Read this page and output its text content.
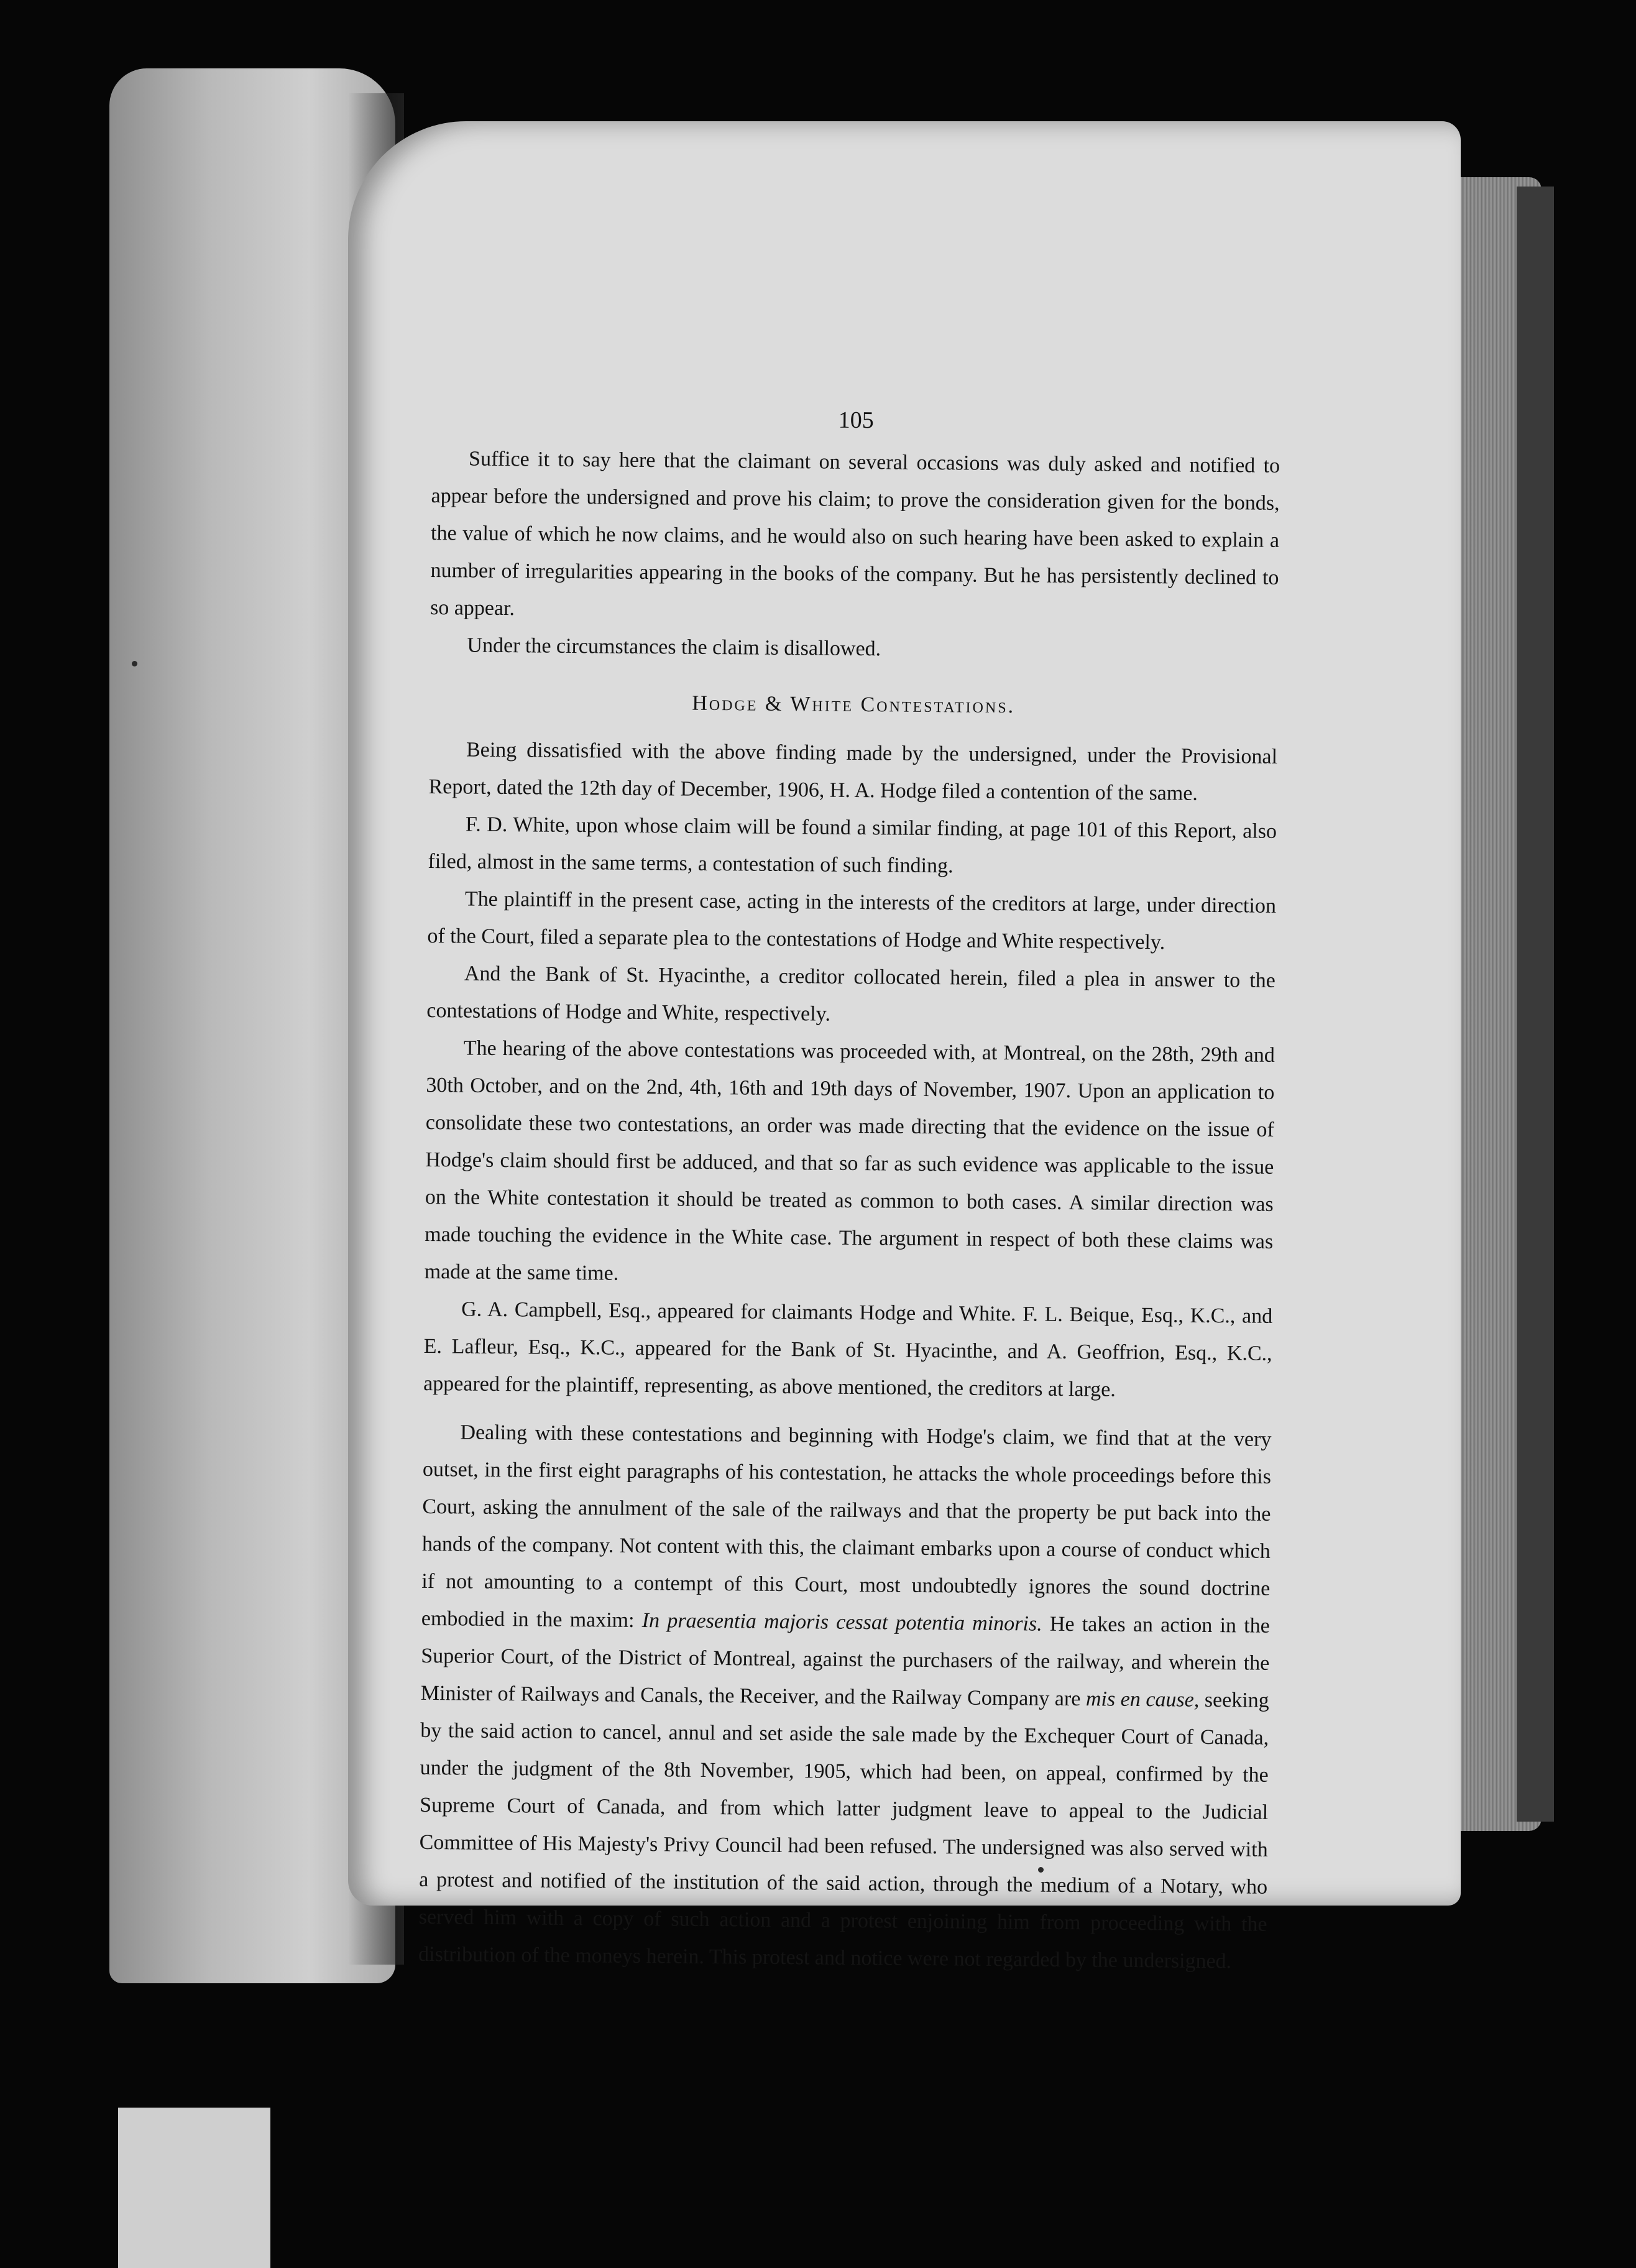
105

Suffice it to say here that the claimant on several occasions was duly asked and notified to appear before the undersigned and prove his claim; to prove the consideration given for the bonds, the value of which he now claims, and he would also on such hearing have been asked to explain a number of irregularities appearing in the books of the company. But he has persistently declined to so appear.

Under the circumstances the claim is disallowed.

Hodge & White Contestations.

Being dissatisfied with the above finding made by the undersigned, under the Provisional Report, dated the 12th day of December, 1906, H. A. Hodge filed a contention of the same.

F. D. White, upon whose claim will be found a similar finding, at page 101 of this Report, also filed, almost in the same terms, a contestation of such finding.

The plaintiff in the present case, acting in the interests of the creditors at large, under direction of the Court, filed a separate plea to the contestations of Hodge and White respectively.

And the Bank of St. Hyacinthe, a creditor collocated herein, filed a plea in answer to the contestations of Hodge and White, respectively.

The hearing of the above contestations was proceeded with, at Montreal, on the 28th, 29th and 30th October, and on the 2nd, 4th, 16th and 19th days of November, 1907. Upon an application to consolidate these two contestations, an order was made directing that the evidence on the issue of Hodge's claim should first be adduced, and that so far as such evidence was applicable to the issue on the White contestation it should be treated as common to both cases. A similar direction was made touching the evidence in the White case. The argument in respect of both these claims was made at the same time.

G. A. Campbell, Esq., appeared for claimants Hodge and White. F. L. Beique, Esq., K.C., and E. Lafleur, Esq., K.C., appeared for the Bank of St. Hyacinthe, and A. Geoffrion, Esq., K.C., appeared for the plaintiff, representing, as above mentioned, the creditors at large.

Dealing with these contestations and beginning with Hodge's claim, we find that at the very outset, in the first eight paragraphs of his contestation, he attacks the whole proceedings before this Court, asking the annulment of the sale of the railways and that the property be put back into the hands of the company. Not content with this, the claimant embarks upon a course of conduct which if not amounting to a contempt of this Court, most undoubtedly ignores the sound doctrine embodied in the maxim: In praesentia majoris cessat potentia minoris. He takes an action in the Superior Court, of the District of Montreal, against the purchasers of the railway, and wherein the Minister of Railways and Canals, the Receiver, and the Railway Company are mis en cause, seeking by the said action to cancel, annul and set aside the sale made by the Exchequer Court of Canada, under the judgment of the 8th November, 1905, which had been, on appeal, confirmed by the Supreme Court of Canada, and from which latter judgment leave to appeal to the Judicial Committee of His Majesty's Privy Council had been refused. The undersigned was also served with a protest and notified of the institution of the said action, through the medium of a Notary, who served him with a copy of such action and a protest enjoining him from proceeding with the distribution of the moneys herein. This protest and notice were not regarded by the undersigned.
